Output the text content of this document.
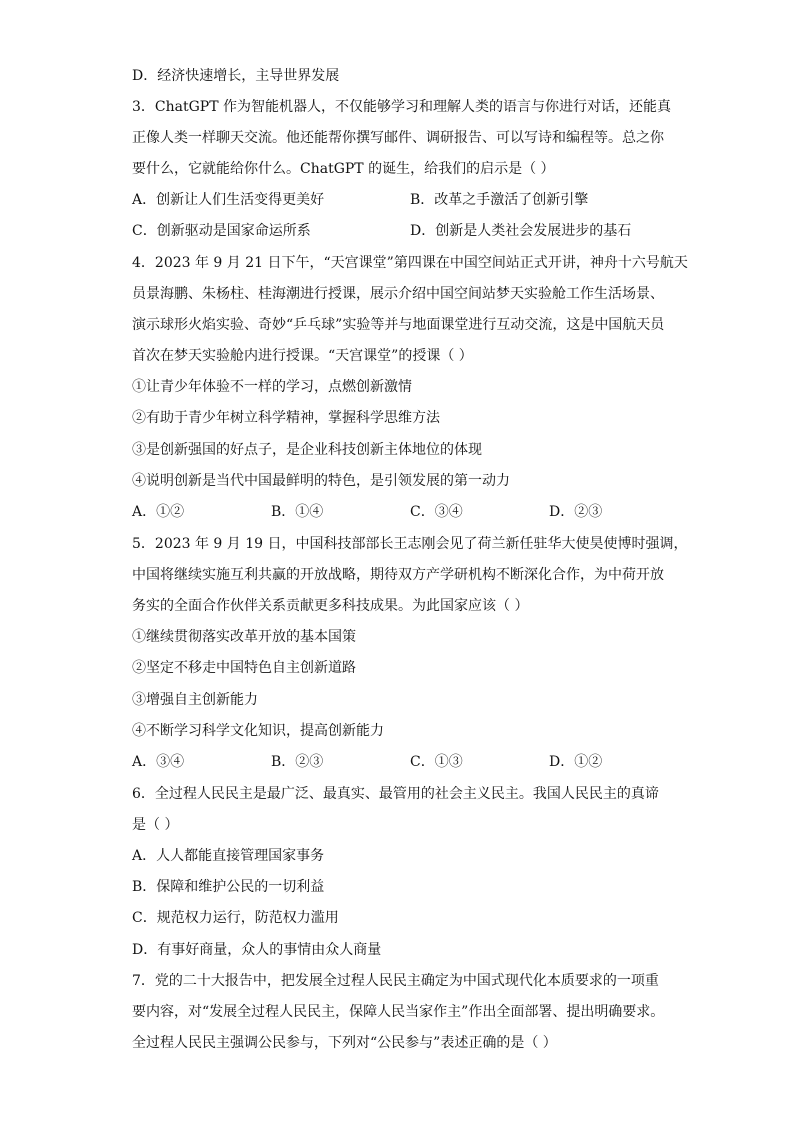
D．经济快速增长，主导世界发展
3．ChatGPT 作为智能机器人，不仅能够学习和理解人类的语言与你进行对话，还能真
正像人类一样聊天交流。他还能帮你撰写邮件、调研报告、可以写诗和编程等。总之你
要什么，它就能给你什么。ChatGPT 的诞生，给我们的启示是（ ）
A．创新让人们生活变得更美好	B．改革之手激活了创新引擎
C．创新驱动是国家命运所系	D．创新是人类社会发展进步的基石
4．2023 年 9 月 21 日下午，“天宫课堂”第四课在中国空间站正式开讲，神舟十六号航天
员景海鹏、朱杨柱、桂海潮进行授课，展示介绍中国空间站梦天实验舱工作生活场景、
演示球形火焰实验、奇妙“乒乓球”实验等并与地面课堂进行互动交流，这是中国航天员
首次在梦天实验舱内进行授课。“天宫课堂”的授课（ ）
①让青少年体验不一样的学习，点燃创新激情
②有助于青少年树立科学精神，掌握科学思维方法
③是创新强国的好点子，是企业科技创新主体地位的体现
④说明创新是当代中国最鲜明的特色，是引领发展的第一动力
A．①②	B．①④	C．③④	D．②③
5．2023 年 9 月 19 日，中国科技部部长王志刚会见了荷兰新任驻华大使昊使博时强调，
中国将继续实施互利共赢的开放战略，期待双方产学研机构不断深化合作，为中荷开放
务实的全面合作伙伴关系贡献更多科技成果。为此国家应该（ ）
①继续贯彻落实改革开放的基本国策
②坚定不移走中国特色自主创新道路
③增强自主创新能力
④不断学习科学文化知识，提高创新能力
A．③④	B．②③	C．①③	D．①②
6．全过程人民民主是最广泛、最真实、最管用的社会主义民主。我国人民民主的真谛
是（ ）
A．人人都能直接管理国家事务
B．保障和维护公民的一切利益
C．规范权力运行，防范权力滥用
D．有事好商量，众人的事情由众人商量
7．党的二十大报告中，把发展全过程人民民主确定为中国式现代化本质要求的一项重
要内容，对“发展全过程人民民主，保障人民当家作主”作出全面部署、提出明确要求。
全过程人民民主强调公民参与，下列对“公民参与”表述正确的是（ ）
